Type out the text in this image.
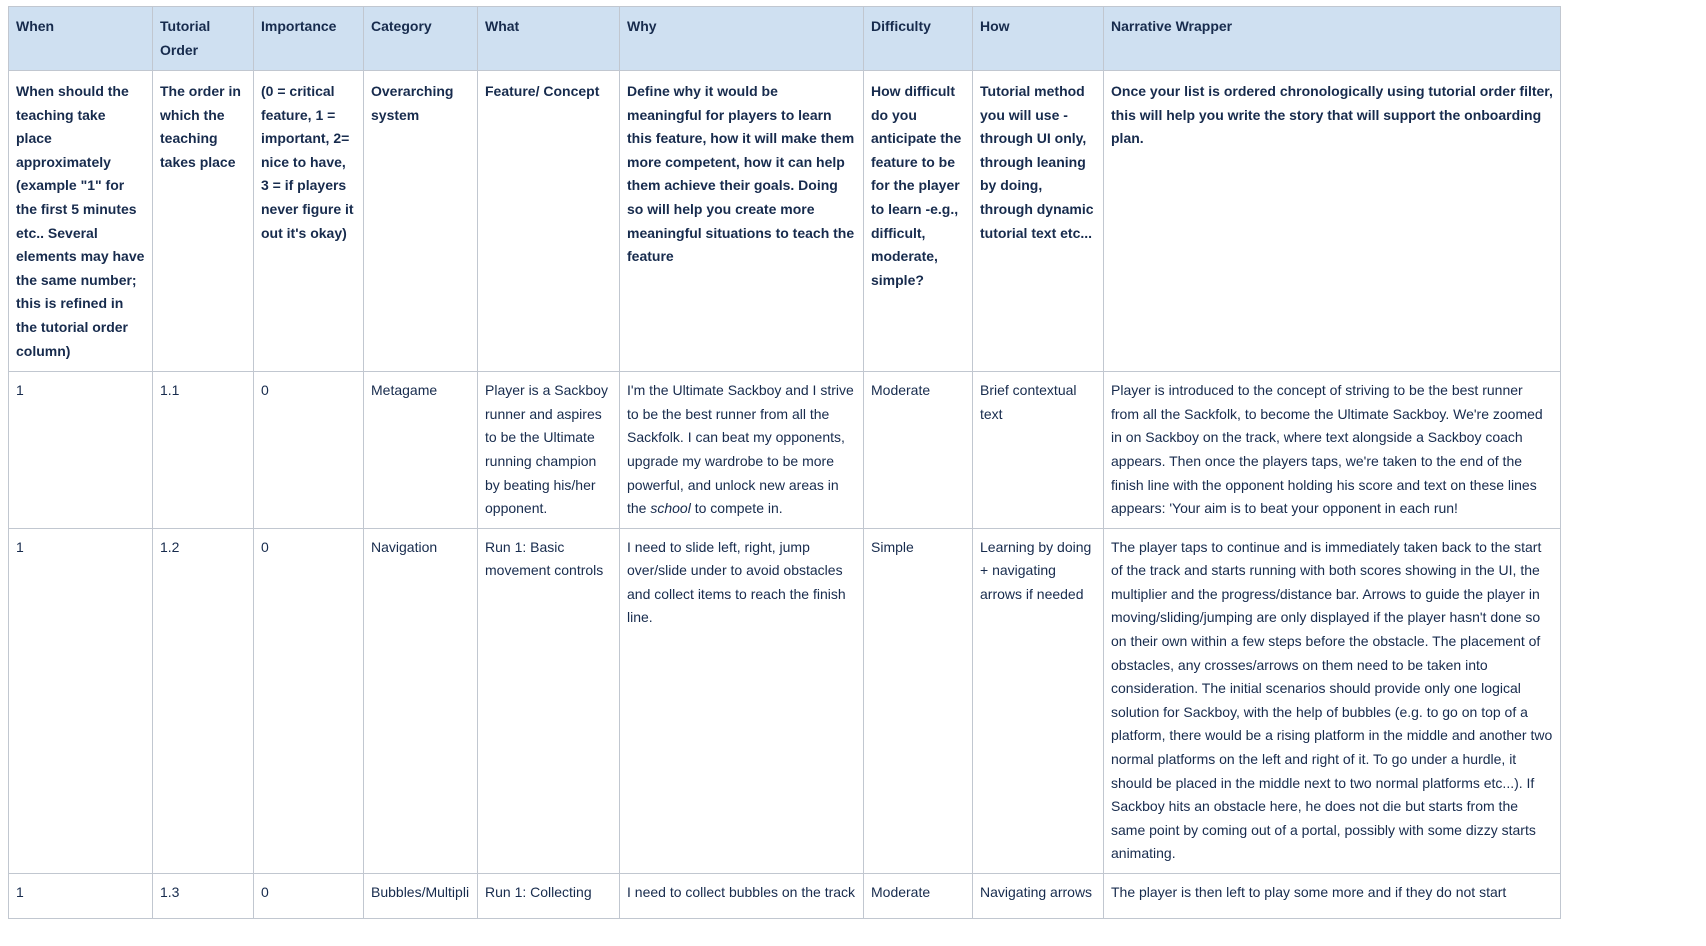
When	Tutorial Order	Importance	Category	What	Why	Difficulty	How	Narrative Wrapper
When should the teaching take place approximately (example "1" for the first 5 minutes etc.. Several elements may have the same number; this is refined in the tutorial order column)	The order in which the teaching takes place	(0 = critical feature, 1 = important, 2= nice to have, 3 = if players never figure it out it's okay)	Overarching system	Feature/ Concept	Define why it would be meaningful for players to learn this feature, how it will make them more competent, how it can help them achieve their goals. Doing so will help you create more meaningful situations to teach the feature	How difficult do you anticipate the feature to be for the player to learn -e.g., difficult, moderate, simple?	Tutorial method you will use - through UI only, through leaning by doing, through dynamic tutorial text etc...	Once your list is ordered chronologically using tutorial order filter, this will help you write the story that will support the onboarding plan.
1	1.1	0	Metagame	Player is a Sackboy runner and aspires to be the Ultimate running champion by beating his/her opponent.	I'm the Ultimate Sackboy and I strive to be the best runner from all the Sackfolk. I can beat my opponents, upgrade my wardrobe to be more powerful, and unlock new areas in the school to compete in.	Moderate	Brief contextual text	Player is introduced to the concept of striving to be the best runner from all the Sackfolk, to become the Ultimate Sackboy. We're zoomed in on Sackboy on the track, where text alongside a Sackboy coach appears. Then once the players taps, we're taken to the end of the finish line with the opponent holding his score and text on these lines appears: 'Your aim is to beat your opponent in each run!
1	1.2	0	Navigation	Run 1: Basic movement controls	I need to slide left, right, jump over/slide under to avoid obstacles and collect items to reach the finish line.	Simple	Learning by doing + navigating arrows if needed	The player taps to continue and is immediately taken back to the start of the track and starts running with both scores showing in the UI, the multiplier and the progress/distance bar. Arrows to guide the player in moving/sliding/jumping are only displayed if the player hasn't done so on their own within a few steps before the obstacle. The placement of obstacles, any crosses/arrows on them need to be taken into consideration. The initial scenarios should provide only one logical solution for Sackboy, with the help of bubbles (e.g. to go on top of a platform, there would be a rising platform in the middle and another two normal platforms on the left and right of it. To go under a hurdle, it should be placed in the middle next to two normal platforms etc...). If Sackboy hits an obstacle here, he does not die but starts from the same point by coming out of a portal, possibly with some dizzy starts animating.
1	1.3	0	Bubbles/Multipli	Run 1: Collecting	I need to collect bubbles on the track	Moderate	Navigating arrows	The player is then left to play some more and if they do not start
